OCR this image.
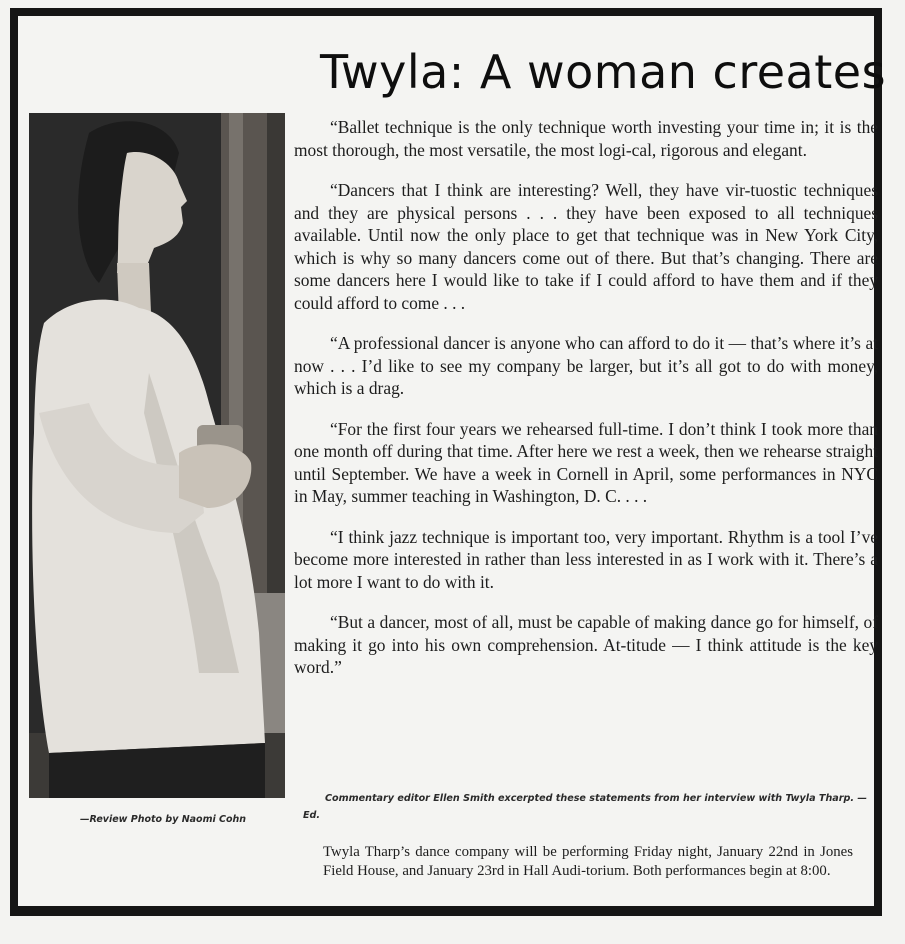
Twyla: A woman creates
—Review Photo by Naomi Cohn

“Ballet technique is the only technique worth investing your time in; it is the most thorough, the most versatile, the most logi-cal, rigorous and elegant.

“Dancers that I think are interesting? Well, they have vir-tuostic techniques and they are physical persons . . . they have been exposed to all techniques available. Until now the only place to get that technique was in New York City, which is why so many dancers come out of there. But that’s changing. There are some dancers here I would like to take if I could afford to have them and if they could afford to come . . .

“A professional dancer is anyone who can afford to do it — that’s where it’s at now . . . I’d like to see my company be larger, but it’s all got to do with money, which is a drag.

“For the first four years we rehearsed full-time. I don’t think I took more than one month off during that time. After here we rest a week, then we rehearse straight until September. We have a week in Cornell in April, some performances in NYC in May, summer teaching in Washington, D. C. . . .

“I think jazz technique is important too, very important. Rhythm is a tool I’ve become more interested in rather than less interested in as I work with it. There’s a lot more I want to do with it.

“But a dancer, most of all, must be capable of making dance go for himself, of making it go into his own comprehension. At-titude — I think attitude is the key word.”

Commentary editor Ellen Smith excerpted these statements from her interview with Twyla Tharp. —Ed.
Twyla Tharp’s dance company will be performing Friday night, January 22nd in Jones Field House, and January 23rd in Hall Audi-torium. Both performances begin at 8:00.
